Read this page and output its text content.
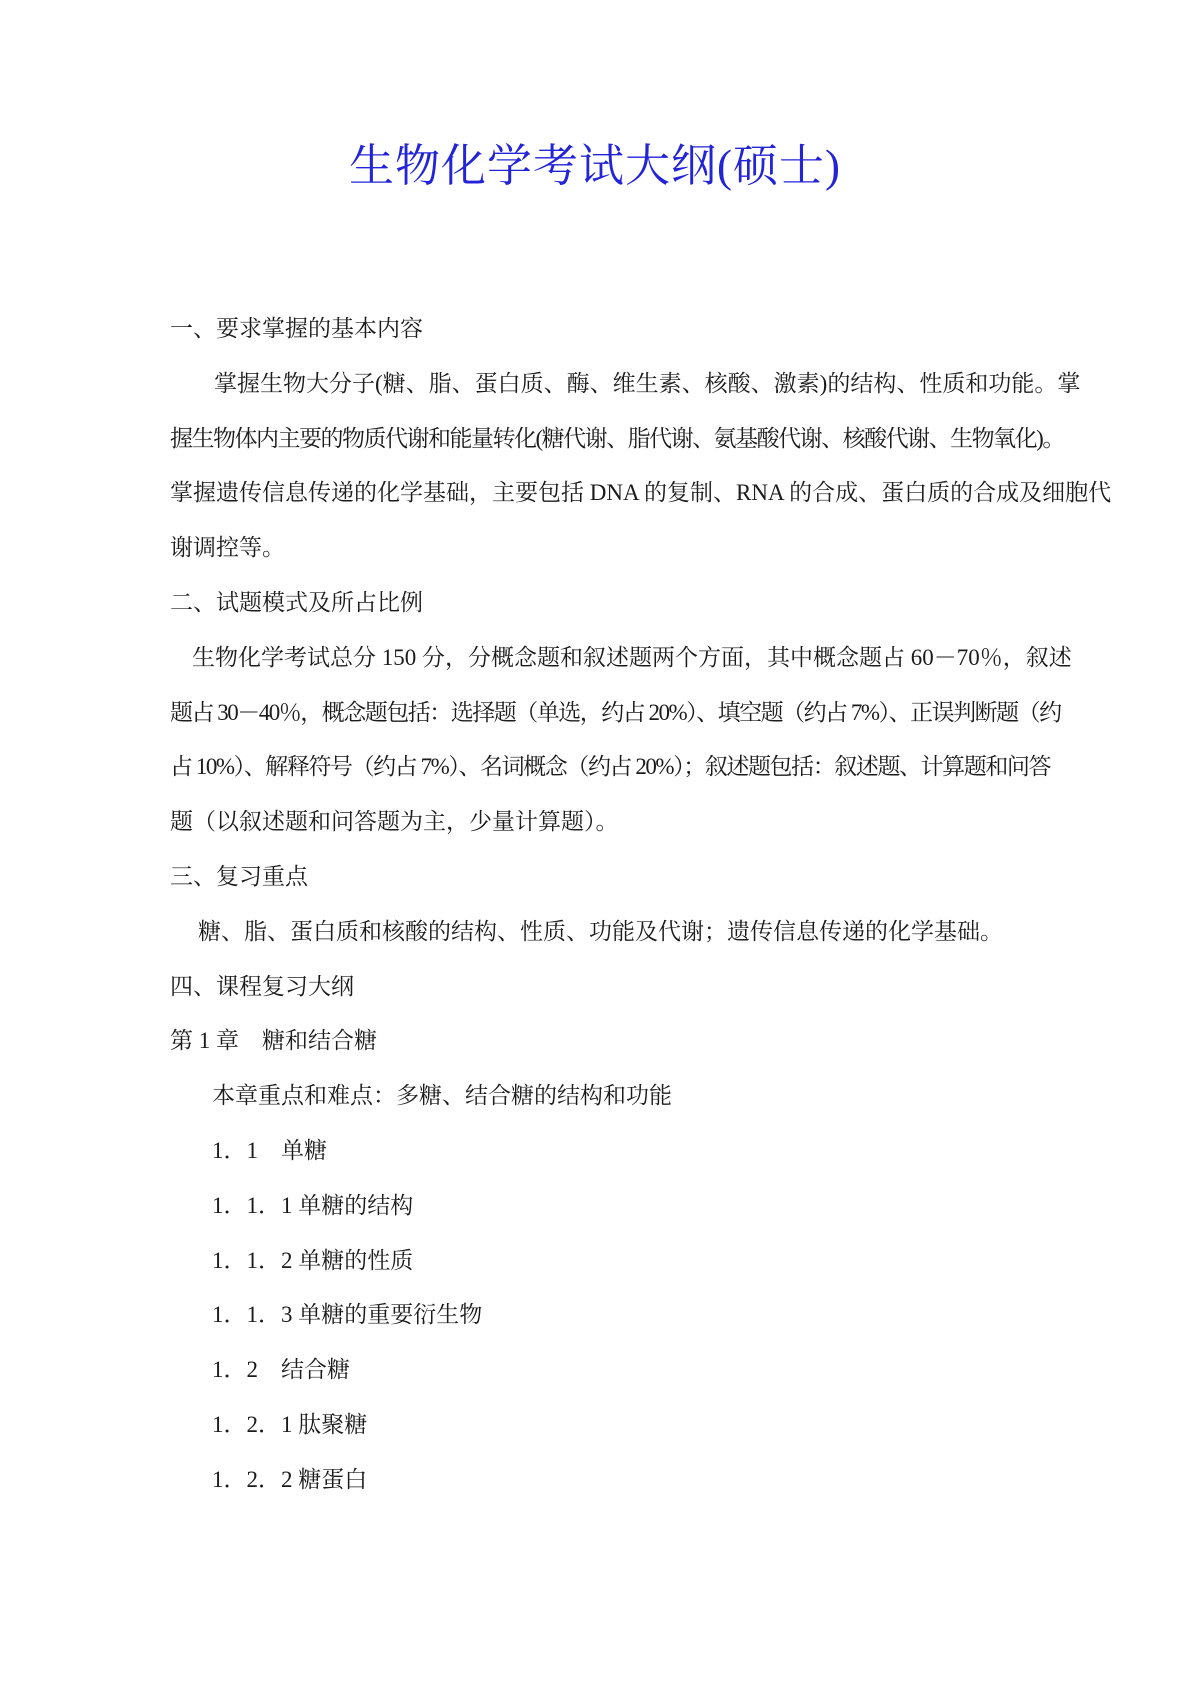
生物化学考试大纲(硕士)
一、要求掌握的基本内容
掌握生物大分子(糖、脂、蛋白质、酶、维生素、核酸、激素)的结构、性质和功能。掌
握生物体内主要的物质代谢和能量转化(糖代谢、脂代谢、氨基酸代谢、核酸代谢、生物氧化)。
掌握遗传信息传递的化学基础，主要包括 DNA 的复制、RNA 的合成、蛋白质的合成及细胞代
谢调控等。
二、试题模式及所占比例
生物化学考试总分 150 分，分概念题和叙述题两个方面，其中概念题占 60－70％，叙述
题占 30－40％，概念题包括：选择题（单选，约占 20%）、填空题（约占 7%）、正误判断题（约
占 10%）、解释符号（约占 7%）、名词概念（约占 20%）；叙述题包括：叙述题、计算题和问答
题（以叙述题和问答题为主，少量计算题）。
三、复习重点
糖、脂、蛋白质和核酸的结构、性质、功能及代谢；遗传信息传递的化学基础。
四、课程复习大纲
第 1 章　糖和结合糖
本章重点和难点：多糖、结合糖的结构和功能
1．1　单糖
1．1．1 单糖的结构
1．1．2 单糖的性质
1．1．3 单糖的重要衍生物
1．2　结合糖
1．2．1 肽聚糖
1．2．2 糖蛋白
